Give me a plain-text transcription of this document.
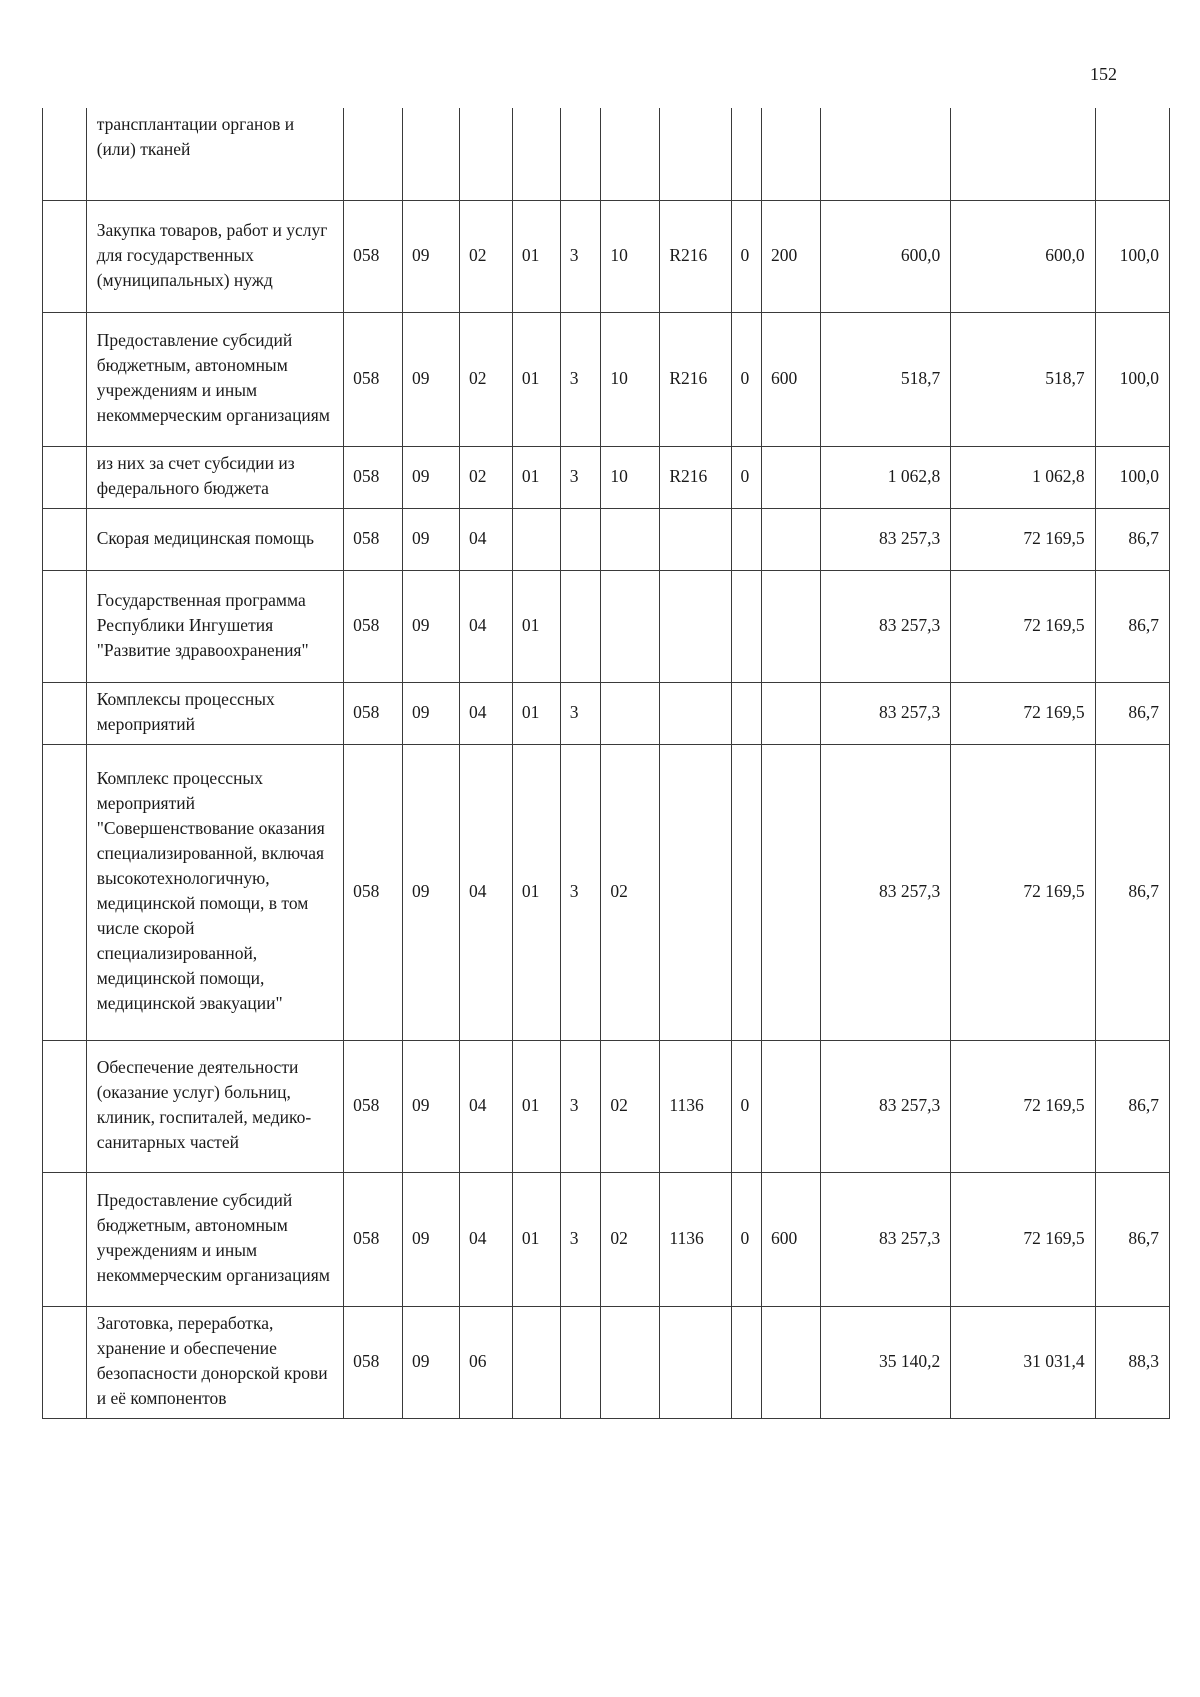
152
	трансплантации органов и (или) тканей												
	Закупка товаров, работ и услуг для государственных (муниципальных) нужд	058	09	02	01	3	10	R216	0	200	600,0	600,0	100,0
	Предоставление субсидий бюджетным, автономным учреждениям и иным некоммерческим организациям	058	09	02	01	3	10	R216	0	600	518,7	518,7	100,0
	из них за счет субсидии из федерального бюджета	058	09	02	01	3	10	R216	0		1 062,8	1 062,8	100,0
	Скорая медицинская помощь	058	09	04							83 257,3	72 169,5	86,7
	Государственная программа Республики Ингушетия "Развитие здравоохранения"	058	09	04	01						83 257,3	72 169,5	86,7
	Комплексы процессных мероприятий	058	09	04	01	3					83 257,3	72 169,5	86,7
	Комплекс процессных мероприятий "Совершенствование оказания специализированной, включая высокотехнологичную, медицинской помощи, в том числе скорой специализированной, медицинской помощи, медицинской эвакуации"	058	09	04	01	3	02				83 257,3	72 169,5	86,7
	Обеспечение деятельности (оказание услуг) больниц, клиник, госпиталей, медико-санитарных частей	058	09	04	01	3	02	1136	0		83 257,3	72 169,5	86,7
	Предоставление субсидий бюджетным, автономным учреждениям и иным некоммерческим организациям	058	09	04	01	3	02	1136	0	600	83 257,3	72 169,5	86,7
	Заготовка, переработка, хранение и обеспечение безопасности донорской крови и её компонентов	058	09	06							35 140,2	31 031,4	88,3
